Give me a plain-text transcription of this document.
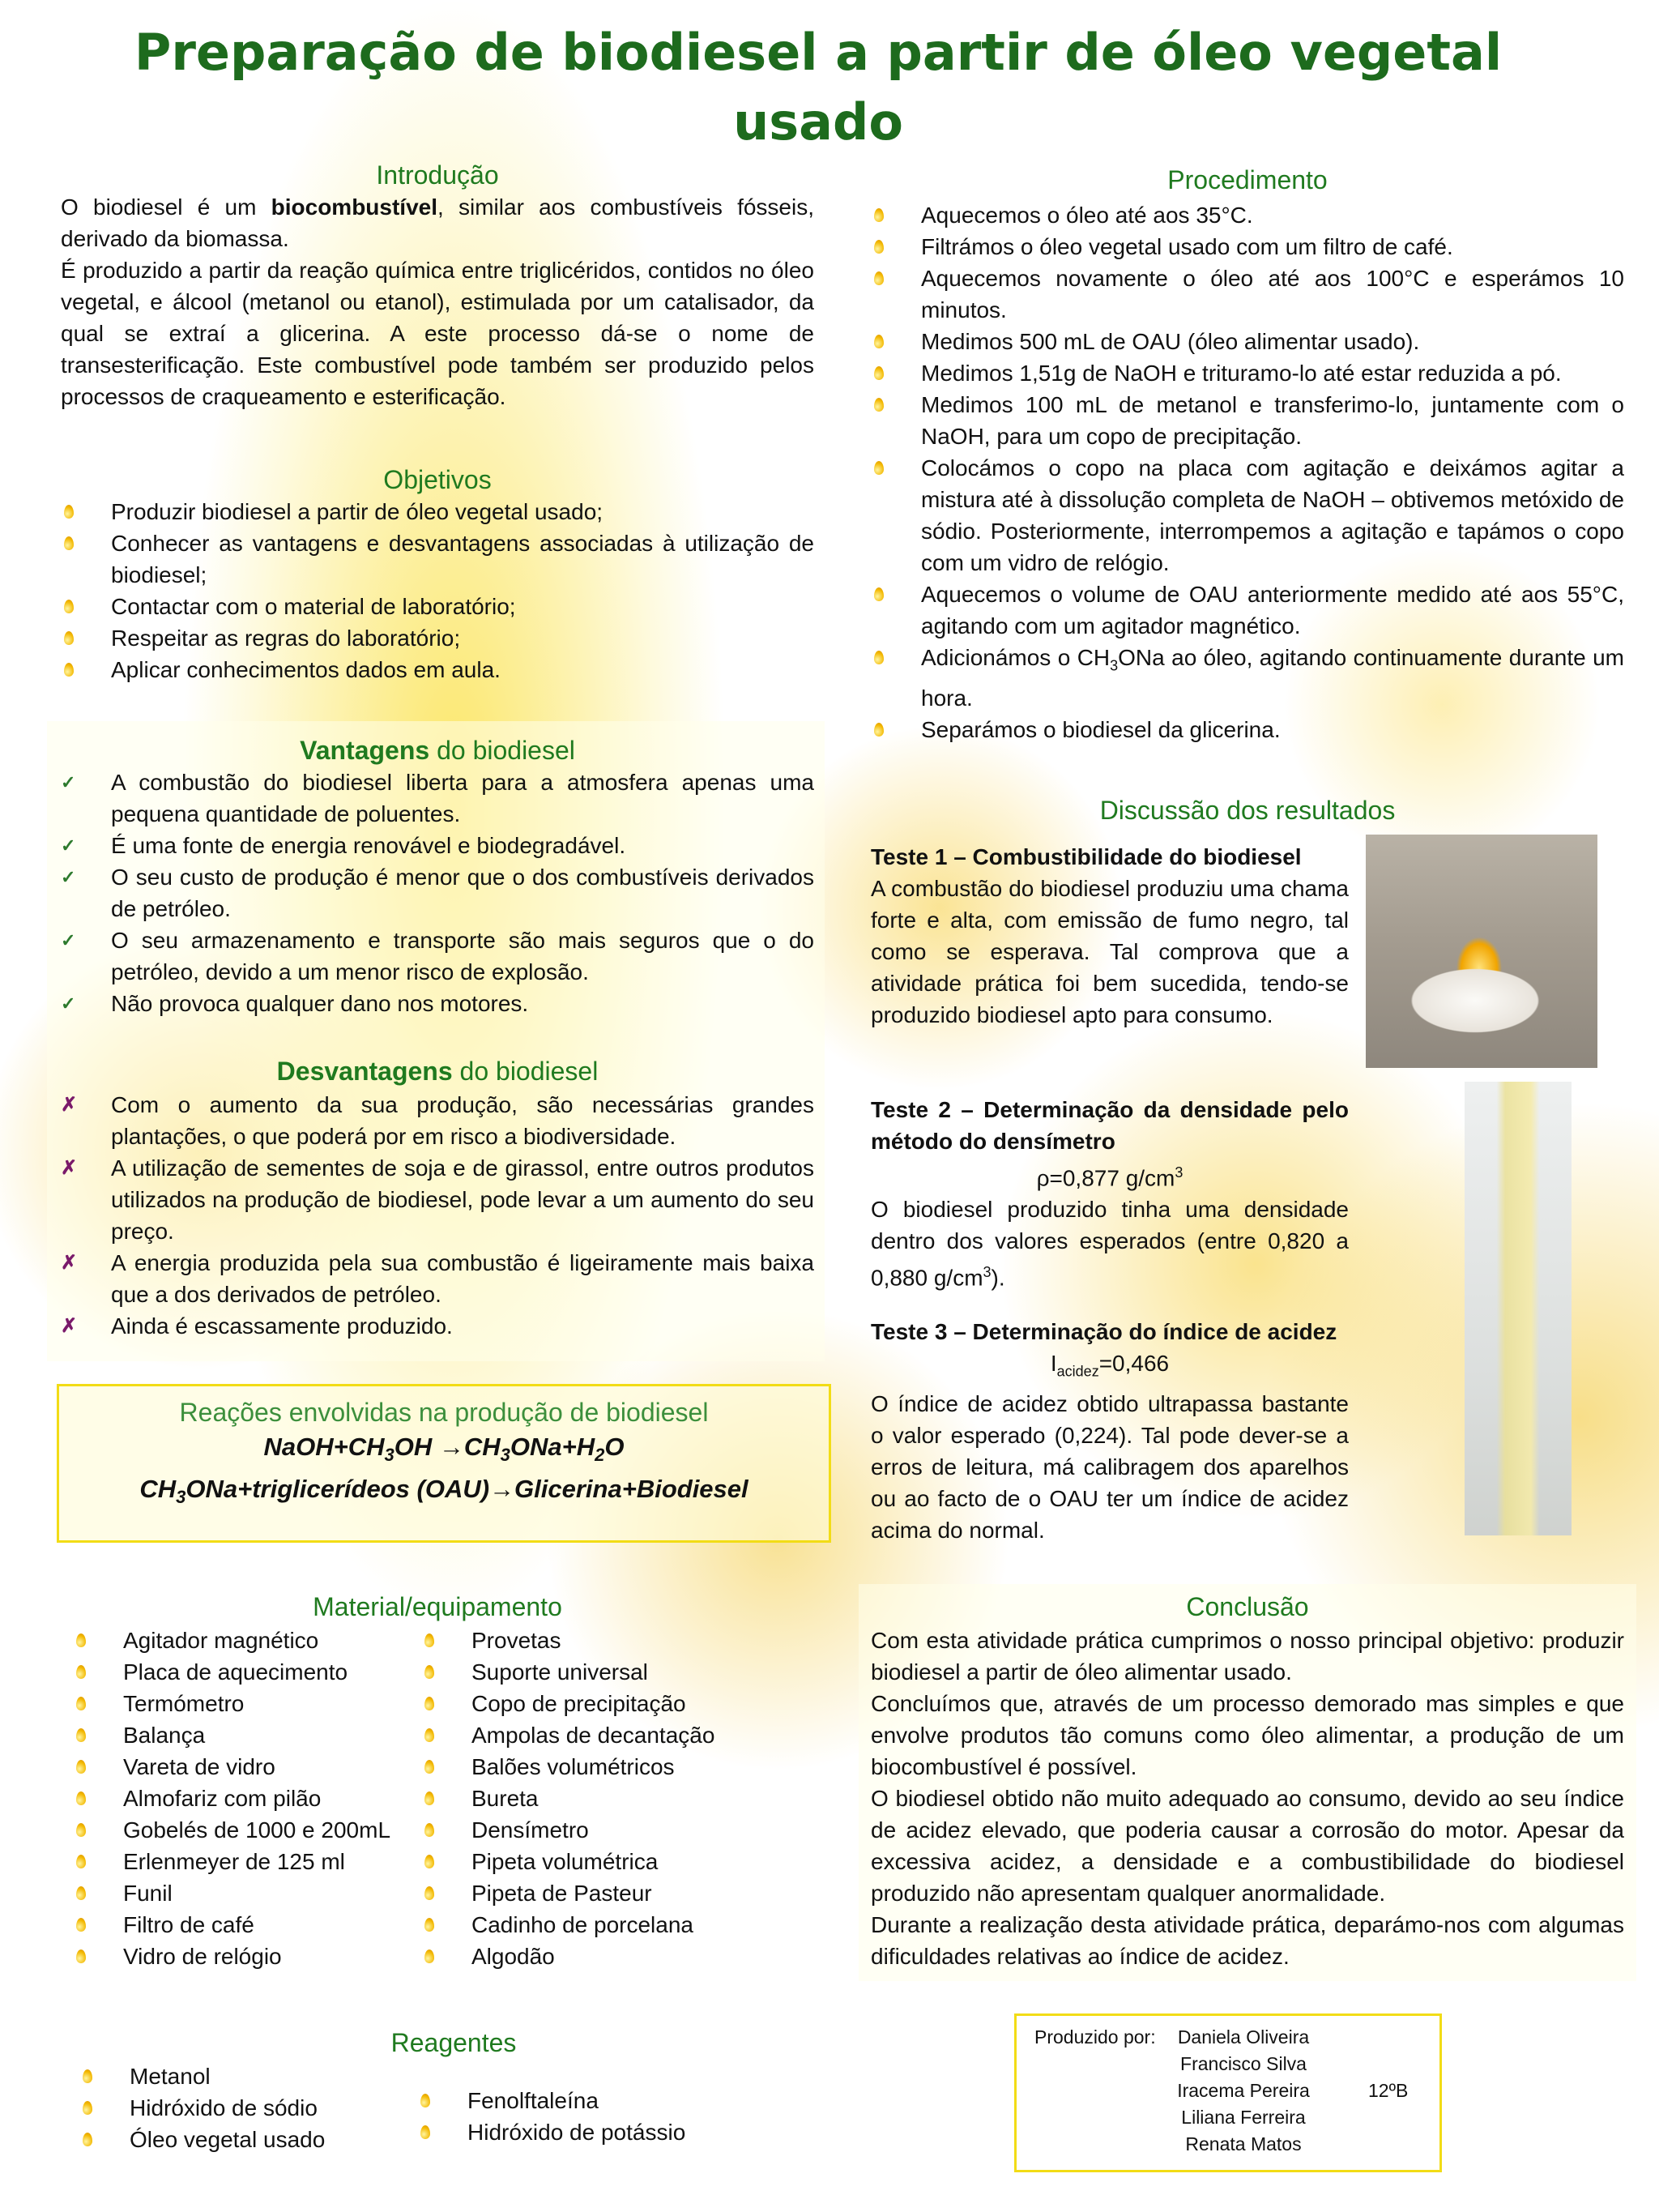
Preparação de biodiesel a partir de óleo vegetal usado
Introdução

O biodiesel é um biocombustível, similar aos combustíveis fósseis, derivado da biomassa.

É produzido a partir da reação química entre triglicéridos, contidos no óleo vegetal, e álcool (metanol ou etanol), estimulada por um catalisador, da qual se extraí a glicerina. A este processo dá-se o nome de transesterificação. Este combustível pode também ser produzido pelos processos de craqueamento e esterificação.

Objetivos
Produzir biodiesel a partir de óleo vegetal usado;
Conhecer as vantagens e desvantagens associadas à utilização de biodiesel;
Contactar com o material de laboratório;
Respeitar as regras do laboratório;
Aplicar conhecimentos dados em aula.
Vantagens do biodiesel
✓ A combustão do biodiesel liberta para a atmosfera apenas uma pequena quantidade de poluentes.
✓ É uma fonte de energia renovável e biodegradável.
✓ O seu custo de produção é menor que o dos combustíveis derivados de petróleo.
✓ O seu armazenamento e transporte são mais seguros que o do petróleo, devido a um menor risco de explosão.
✓ Não provoca qualquer dano nos motores.
Desvantagens do biodiesel
✗ Com o aumento da sua produção, são necessárias grandes plantações, o que poderá por em risco a biodiversidade.
✗ A utilização de sementes de soja e de girassol, entre outros produtos utilizados na produção de biodiesel, pode levar a um aumento do seu preço.
✗ A energia produzida pela sua combustão é ligeiramente mais baixa que a dos derivados de petróleo.
✗ Ainda é escassamente produzido.
Reações envolvidas na produção de biodiesel
$NaOH+CH_3OH \to CH_3ONa+H_2O$
$CH_3ONa+triglicerídeos$ (OAU)→Glicerina+Biodiesel
Procedimento
Aquecemos o óleo até aos 35°C.
Filtrámos o óleo vegetal usado com um filtro de café.
Aquecemos novamente o óleo até aos 100°C e esperámos 10 minutos.
Medimos 500 mL de OAU (óleo alimentar usado).
Medimos 1,51g de NaOH e trituramo-lo até estar reduzida a pó.
Medimos 100 mL de metanol e transferimo-lo, juntamente com o NaOH, para um copo de precipitação.
Colocámos o copo na placa com agitação e deixámos agitar a mistura até à dissolução completa de NaOH – obtivemos metóxido de sódio. Posteriormente, interrompemos a agitação e tapámos o copo com um vidro de relógio.
Aquecemos o volume de OAU anteriormente medido até aos 55°C, agitando com um agitador magnético.
Adicionámos o $CH_3ONa$ ao óleo, agitando continuamente durante um hora.
Separámos o biodiesel da glicerina.
Discussão dos resultados

Teste 1 – Combustibilidade do biodiesel

A combustão do biodiesel produziu uma chama forte e alta, com emissão de fumo negro, tal como se esperava. Tal comprova que a atividade prática foi bem sucedida, tendo-se produzido biodiesel apto para consumo.

Teste 2 – Determinação da densidade pelo método do densímetro

ρ=0,877 $g/cm^3$

O biodiesel produzido tinha uma densidade dentro dos valores esperados (entre 0,820 a 0,880 $g/cm^3$).

Teste 3 – Determinação do índice de acidez

$I_{acidez}=0,466$

O índice de acidez obtido ultrapassa bastante o valor esperado (0,224). Tal pode dever-se a erros de leitura, má calibragem dos aparelhos ou ao facto de o OAU ter um índice de acidez acima do normal.

Material/equipamento
Agitador magnético
Placa de aquecimento
Termómetro
Balança
Vareta de vidro
Almofariz com pilão
Gobelés de 1000 e 200mL
Erlenmeyer de 125 ml
Funil
Filtro de café
Vidro de relógio
Provetas
Suporte universal
Copo de precipitação
Ampolas de decantação
Balões volumétricos
Bureta
Densímetro
Pipeta volumétrica
Pipeta de Pasteur
Cadinho de porcelana
Algodão
Conclusão

Com esta atividade prática cumprimos o nosso principal objetivo: produzir biodiesel a partir de óleo alimentar usado.

Concluímos que, através de um processo demorado mas simples e que envolve produtos tão comuns como óleo alimentar, a produção de um biocombustível é possível.

O biodiesel obtido não muito adequado ao consumo, devido ao seu índice de acidez elevado, que poderia causar a corrosão do motor. Apesar da excessiva acidez, a densidade e a combustibilidade do biodiesel produzido não apresentam qualquer anormalidade.

Durante a realização desta atividade prática, deparámo-nos com algumas dificuldades relativas ao índice de acidez.

Reagentes
Metanol
Hidróxido de sódio
Óleo vegetal usado
Fenolftaleína
Hidróxido de potássio
Produzido por:	Daniela Oliveira
Francisco Silva
Iracema Pereira
Liliana Ferreira
Renata Matos
12ºB
